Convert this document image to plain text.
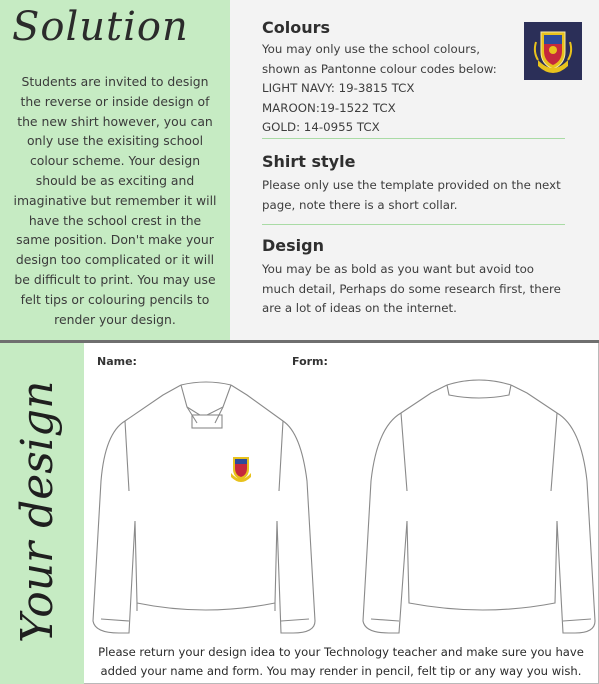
Solution
Students are invited to design the reverse or inside design of the new shirt however, you can only use the exisiting school colour scheme. Your design should be as exciting and imaginative but remember it will have the school crest in the same position. Don't make your design too complicated or it will be difficult to print. You may use felt tips or colouring pencils to render your design.
Colours
You may only use the school colours,
shown as Pantonne colour codes below:
LIGHT NAVY: 19-3815 TCX
MAROON:19-1522 TCX
GOLD: 14-0955 TCX
Shirt style
Please only use the template provided on the next page, note there is a short collar.
Design
You may be as bold as you want but avoid too much detail, Perhaps do some research first, there are a lot of ideas on the internet.
Your design
Name:	Form:
Please return your design idea to your Technology teacher and make sure you have added your name and form. You may render in pencil, felt tip or any way you wish.
